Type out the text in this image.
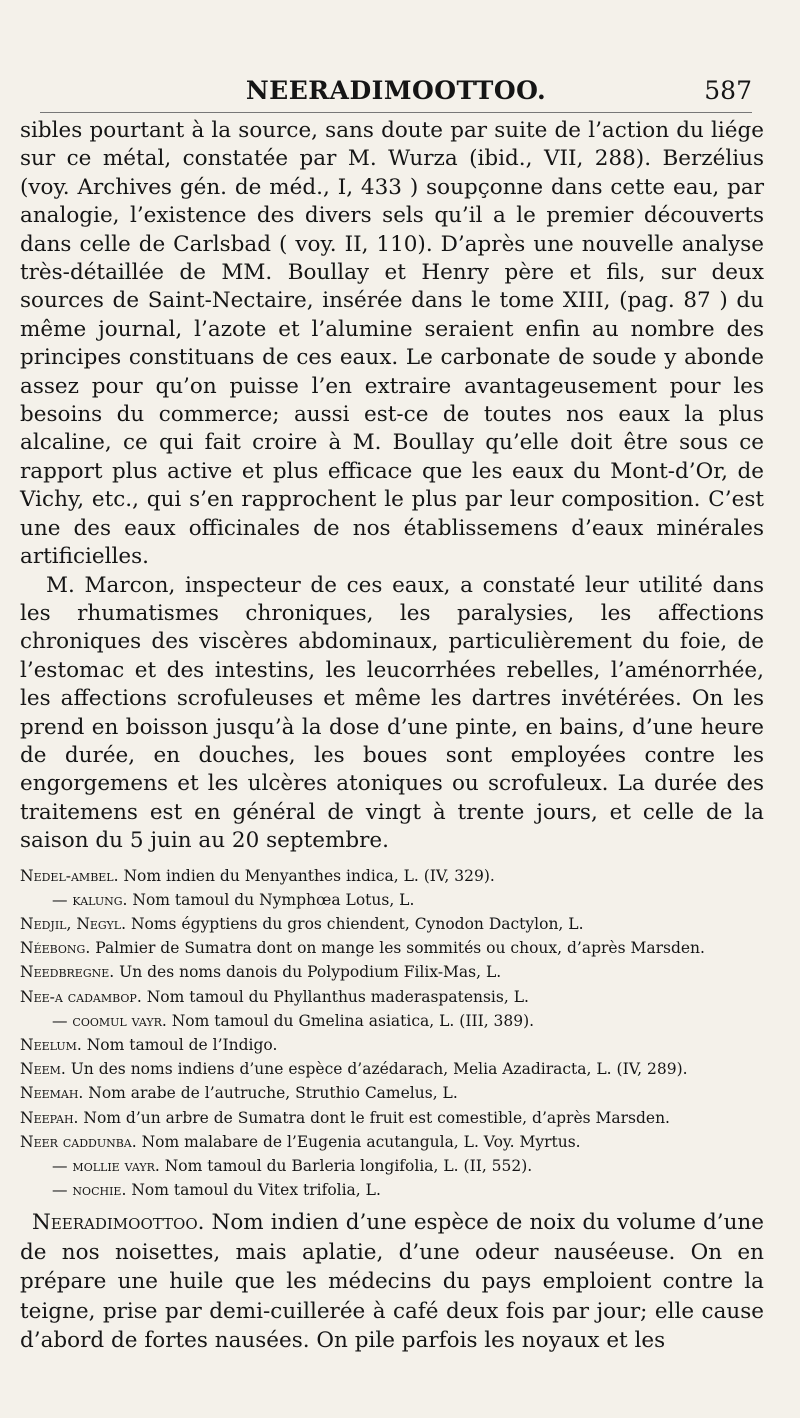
NEERADIMOOTTOO.	587

sibles pourtant à la source, sans doute par suite de l’action du liége sur ce métal, constatée par M. Wurza (ibid., VII, 288). Berzélius (voy. Archives gén. de méd., I, 433 ) soupçonne dans cette eau, par analogie, l’existence des divers sels qu’il a le premier découverts dans celle de Carlsbad ( voy. II, 110). D’après une nouvelle analyse très-détaillée de MM. Boullay et Henry père et fils, sur deux sources de Saint-Nectaire, insérée dans le tome XIII, (pag. 87 ) du même journal, l’azote et l’alumine seraient enfin au nombre des principes constituans de ces eaux. Le carbonate de soude y abonde assez pour qu’on puisse l’en extraire avantageusement pour les besoins du commerce; aussi est-ce de toutes nos eaux la plus alcaline, ce qui fait croire à M. Boullay qu’elle doit être sous ce rapport plus active et plus efficace que les eaux du Mont-d’Or, de Vichy, etc., qui s’en rapprochent le plus par leur composition. C’est une des eaux officinales de nos établissemens d’eaux minérales artificielles.

M. Marcon, inspecteur de ces eaux, a constaté leur utilité dans les rhumatismes chroniques, les paralysies, les affections chroniques des viscères abdominaux, particulièrement du foie, de l’estomac et des intestins, les leucorrhées rebelles, l’aménorrhée, les affections scrofuleuses et même les dartres invétérées. On les prend en boisson jusqu’à la dose d’une pinte, en bains, d’une heure de durée, en douches, les boues sont employées contre les engorgemens et les ulcères atoniques ou scrofuleux. La durée des traitemens est en général de vingt à trente jours, et celle de la saison du 5 juin au 20 septembre.

Nedel-ambel. Nom indien du Menyanthes indica, L. (IV, 329).

— kalung. Nom tamoul du Nymphœa Lotus, L.

Nedjil, Negyl. Noms égyptiens du gros chiendent, Cynodon Dactylon, L.

Néebong. Palmier de Sumatra dont on mange les sommités ou choux, d’après Marsden.

Needbregne. Un des noms danois du Polypodium Filix-Mas, L.

Nee-a cadambop. Nom tamoul du Phyllanthus maderaspatensis, L.

— coomul vayr. Nom tamoul du Gmelina asiatica, L. (III, 389).

Neelum. Nom tamoul de l’Indigo.

Neem. Un des noms indiens d’une espèce d’azédarach, Melia Azadiracta, L. (IV, 289).

Neemah. Nom arabe de l’autruche, Struthio Camelus, L.

Neepah. Nom d’un arbre de Sumatra dont le fruit est comestible, d’après Marsden.

Neer caddunba. Nom malabare de l’Eugenia acutangula, L. Voy. Myrtus.

— mollie vayr. Nom tamoul du Barleria longifolia, L. (II, 552).

— nochie. Nom tamoul du Vitex trifolia, L.

Neeradimoottoo. Nom indien d’une espèce de noix du volume d’une de nos noisettes, mais aplatie, d’une odeur nauséeuse. On en prépare une huile que les médecins du pays emploient contre la teigne, prise par demi-cuillerée à café deux fois par jour; elle cause d’abord de fortes nausées. On pile parfois les noyaux et les
